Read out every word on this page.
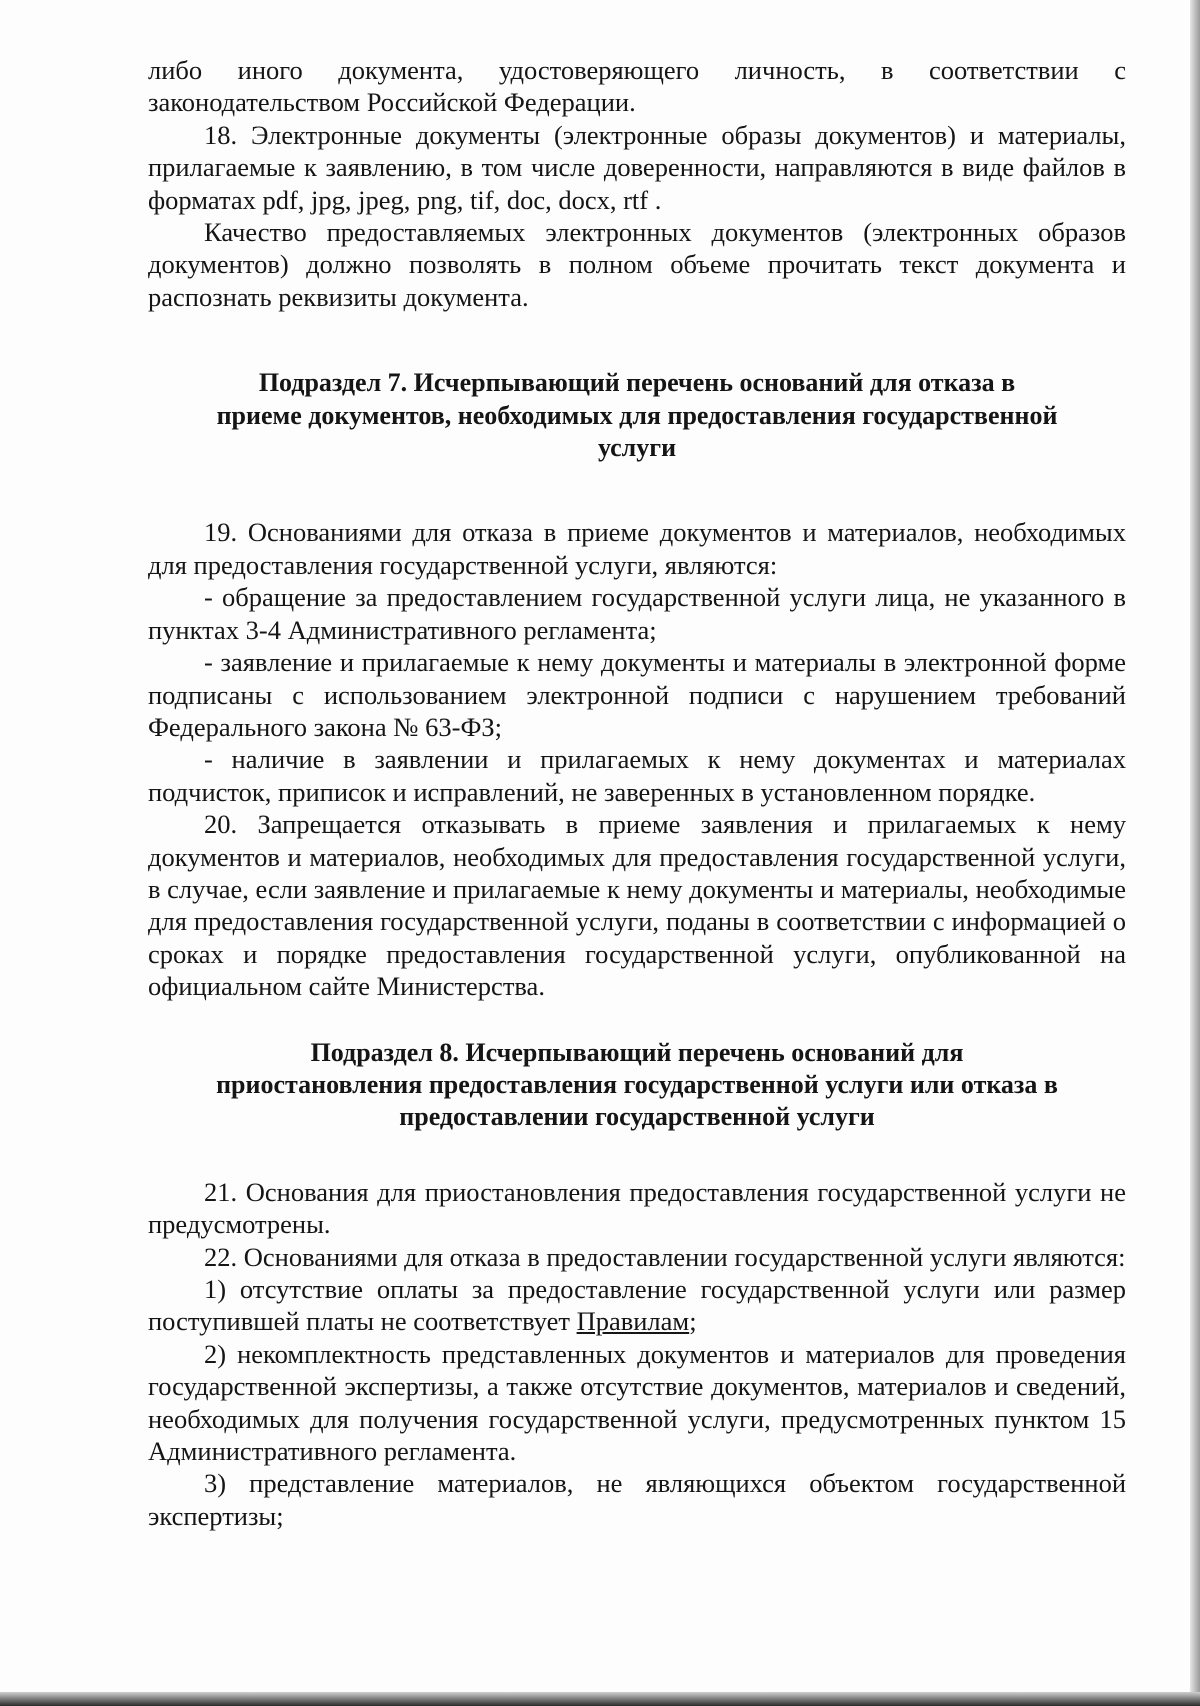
либо иного документа, удостоверяющего личность, в соответствии с законодательством Российской Федерации.

18. Электронные документы (электронные образы документов) и материалы, прилагаемые к заявлению, в том числе доверенности, направляются в виде файлов в форматах pdf, jpg, jpeg, png, tif, doc, docx, rtf .

Качество предоставляемых электронных документов (электронных образов документов) должно позволять в полном объеме прочитать текст документа и распознать реквизиты документа.

Подраздел 7. Исчерпывающий перечень оснований для отказа в
приеме документов, необходимых для предоставления государственной
услуги

19. Основаниями для отказа в приеме документов и материалов, необходимых для предоставления государственной услуги, являются:

- обращение за предоставлением государственной услуги лица, не указанного в пунктах 3-4 Административного регламента;

- заявление и прилагаемые к нему документы и материалы в электронной форме подписаны с использованием электронной подписи с нарушением требований Федерального закона № 63-ФЗ;

- наличие в заявлении и прилагаемых к нему документах и материалах подчисток, приписок и исправлений, не заверенных в установленном порядке.

20. Запрещается отказывать в приеме заявления и прилагаемых к нему документов и материалов, необходимых для предоставления государственной услуги, в случае, если заявление и прилагаемые к нему документы и материалы, необходимые для предоставления государственной услуги, поданы в соответствии с информацией о сроках и порядке предоставления государственной услуги, опубликованной на официальном сайте Министерства.

Подраздел 8. Исчерпывающий перечень оснований для
приостановления предоставления государственной услуги или отказа в
предоставлении государственной услуги

21. Основания для приостановления предоставления государственной услуги не предусмотрены.

22. Основаниями для отказа в предоставлении государственной услуги являются:

1) отсутствие оплаты за предоставление государственной услуги или размер поступившей платы не соответствует Правилам;

2) некомплектность представленных документов и материалов для проведения государственной экспертизы, а также отсутствие документов, материалов и сведений, необходимых для получения государственной услуги, предусмотренных пунктом 15 Административного регламента.

3) представление материалов, не являющихся объектом государственной экспертизы;
